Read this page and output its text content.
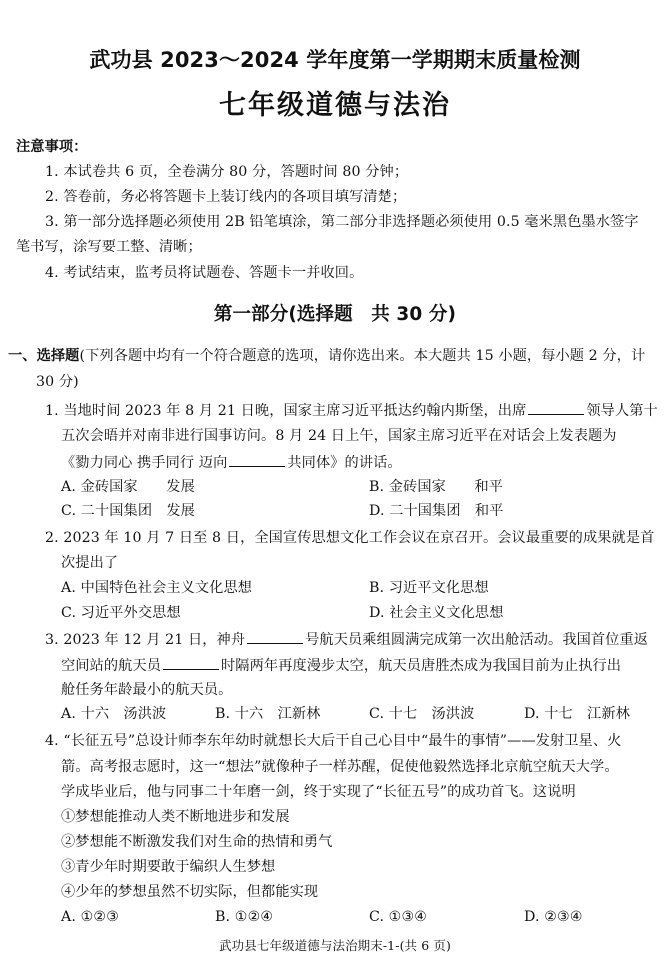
武功县 2023～2024 学年度第一学期期末质量检测
七年级道德与法治
注意事项：
1. 本试卷共 6 页，全卷满分 80 分，答题时间 80 分钟；
2. 答卷前，务必将答题卡上装订线内的各项目填写清楚；
3. 第一部分选择题必须使用 2B 铅笔填涂，第二部分非选择题必须使用 0.5 毫米黑色墨水签字
笔书写，涂写要工整、清晰；
4. 考试结束，监考员将试题卷、答题卡一并收回。
第一部分(选择题　共 30 分)
一、选择题(下列各题中均有一个符合题意的选项，请你选出来。本大题共 15 小题，每小题 2 分，计
30 分)
1. 当地时间 2023 年 8 月 21 日晚，国家主席习近平抵达约翰内斯堡，出席	领导人第十
五次会晤并对南非进行国事访问。8 月 24 日上午，国家主席习近平在对话会上发表题为
《勠力同心 携手同行 迈向	共同体》的讲话。
A. 金砖国家　　发展	B. 金砖国家　　和平
C. 二十国集团　发展	D. 二十国集团　和平
2. 2023 年 10 月 7 日至 8 日，全国宣传思想文化工作会议在京召开。会议最重要的成果就是首
次提出了
A. 中国特色社会主义文化思想	B. 习近平文化思想
C. 习近平外交思想	D. 社会主义文化思想
3. 2023 年 12 月 21 日，神舟	号航天员乘组圆满完成第一次出舱活动。我国首位重返
空间站的航天员	时隔两年再度漫步太空，航天员唐胜杰成为我国目前为止执行出
舱任务年龄最小的航天员。
A. 十六　汤洪波	B. 十六　江新林	C. 十七　汤洪波	D. 十七　江新林
4. “长征五号”总设计师李东年幼时就想长大后干自己心目中“最牛的事情”——发射卫星、火
箭。高考报志愿时，这一“想法”就像种子一样苏醒，促使他毅然选择北京航空航天大学。
学成毕业后，他与同事二十年磨一剑，终于实现了“长征五号”的成功首飞。这说明
①梦想能推动人类不断地进步和发展
②梦想能不断激发我们对生命的热情和勇气
③青少年时期要敢于编织人生梦想
④少年的梦想虽然不切实际，但都能实现
A. ①②③	B. ①②④	C. ①③④	D. ②③④
武功县七年级道德与法治期末-1-(共 6 页)
